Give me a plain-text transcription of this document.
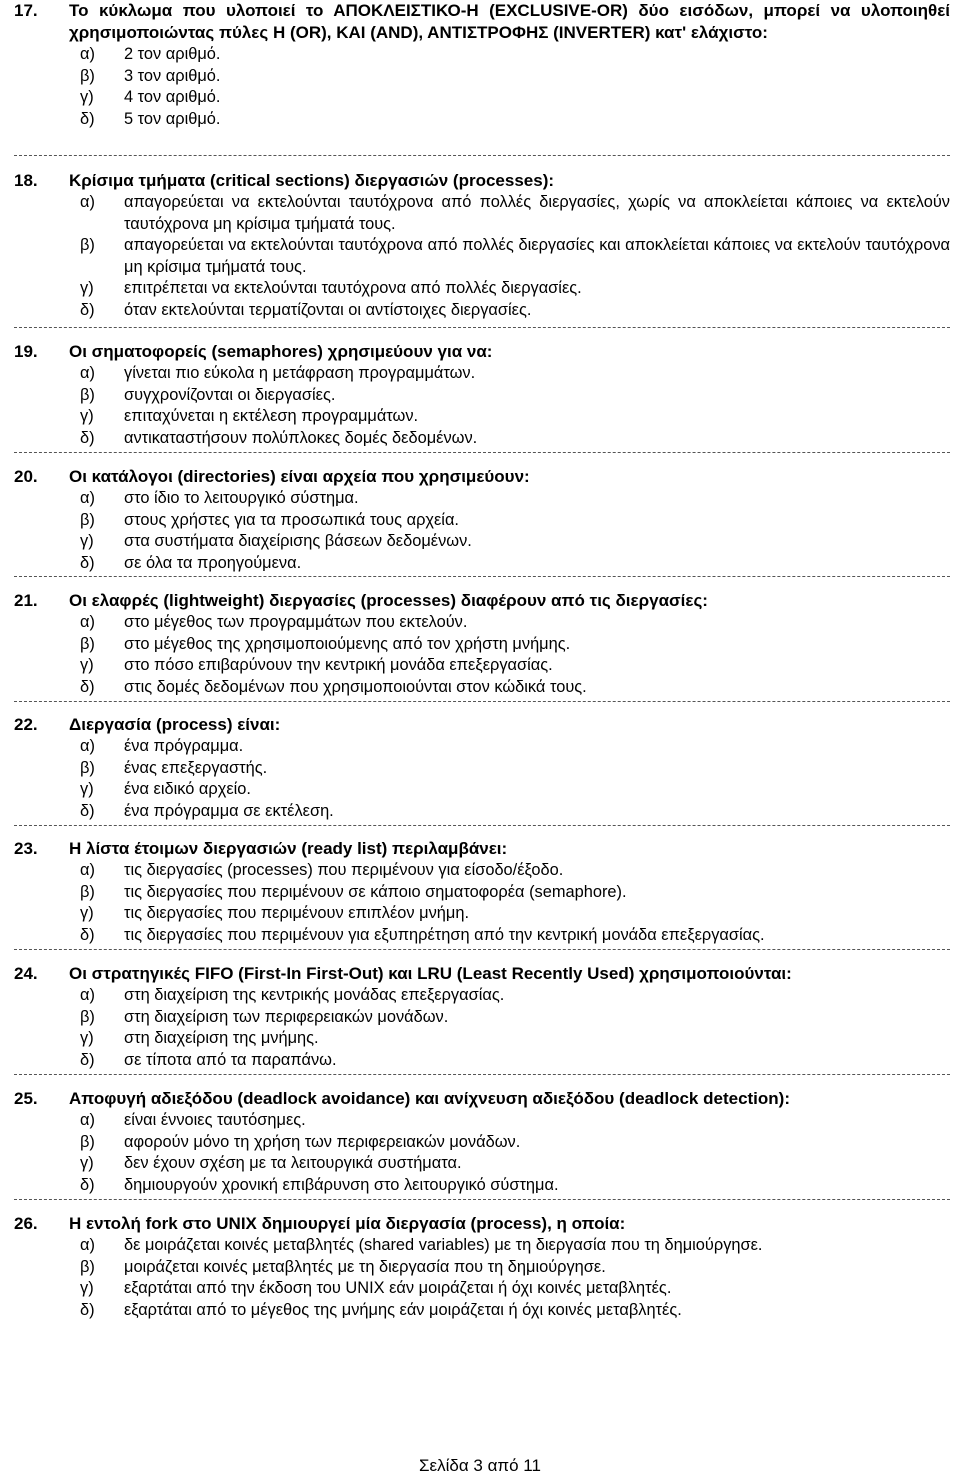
17.	Το κύκλωμα που υλοποιεί το ΑΠΟΚΛΕΙΣΤΙΚΟ-Η (EXCLUSIVE-OR) δύο εισόδων, μπορεί να υλοποιηθεί χρησιμοποιώντας πύλες Η (OR), ΚΑΙ (AND), ΑΝΤΙΣΤΡΟΦΗΣ (INVERTER) κατ' ελάχιστο:
α) 2 τον αριθμό.
β) 3 τον αριθμό.
γ) 4 τον αριθμό.
δ) 5 τον αριθμό.
18.	Κρίσιμα τμήματα (critical sections) διεργασιών (processes):
α) απαγορεύεται να εκτελούνται ταυτόχρονα από πολλές διεργασίες, χωρίς να αποκλείεται κάποιες να εκτελούν ταυτόχρονα μη κρίσιμα τμήματά τους.
β) απαγορεύεται να εκτελούνται ταυτόχρονα από πολλές διεργασίες και αποκλείεται κάποιες να εκτελούν ταυτόχρονα μη κρίσιμα τμήματά τους.
γ) επιτρέπεται να εκτελούνται ταυτόχρονα από πολλές διεργασίες.
δ) όταν εκτελούνται τερματίζονται οι αντίστοιχες διεργασίες.
19.	Οι σηματοφορείς (semaphores) χρησιμεύουν για να:
α) γίνεται πιο εύκολα η μετάφραση προγραμμάτων.
β) συγχρονίζονται οι διεργασίες.
γ) επιταχύνεται η εκτέλεση προγραμμάτων.
δ) αντικαταστήσουν πολύπλοκες δομές δεδομένων.
20.	Οι κατάλογοι (directories) είναι αρχεία που χρησιμεύουν:
α) στο ίδιο το λειτουργικό σύστημα.
β) στους χρήστες για τα προσωπικά τους αρχεία.
γ) στα συστήματα διαχείρισης βάσεων δεδομένων.
δ) σε όλα τα προηγούμενα.
21.	Οι ελαφρές (lightweight) διεργασίες (processes) διαφέρουν από τις διεργασίες:
α) στο μέγεθος των προγραμμάτων που εκτελούν.
β) στο μέγεθος της χρησιμοποιούμενης από τον χρήστη μνήμης.
γ) στο πόσο επιβαρύνουν την κεντρική μονάδα επεξεργασίας.
δ) στις δομές δεδομένων που χρησιμοποιούνται στον κώδικά τους.
22.	Διεργασία (process) είναι:
α) ένα πρόγραμμα.
β) ένας επεξεργαστής.
γ) ένα ειδικό αρχείο.
δ) ένα πρόγραμμα σε εκτέλεση.
23.	Η λίστα έτοιμων διεργασιών (ready list) περιλαμβάνει:
α) τις διεργασίες (processes) που περιμένουν για είσοδο/έξοδο.
β) τις διεργασίες που περιμένουν σε κάποιο σηματοφορέα (semaphore).
γ) τις διεργασίες που περιμένουν επιπλέον μνήμη.
δ) τις διεργασίες που περιμένουν για εξυπηρέτηση από την κεντρική μονάδα επεξεργασίας.
24.	Οι στρατηγικές FIFO (First-In First-Out) και LRU (Least Recently Used) χρησιμοποιούνται:
α) στη διαχείριση της κεντρικής μονάδας επεξεργασίας.
β) στη διαχείριση των περιφερειακών μονάδων.
γ) στη διαχείριση της μνήμης.
δ) σε τίποτα από τα παραπάνω.
25.	Αποφυγή αδιεξόδου (deadlock avoidance) και ανίχνευση αδιεξόδου (deadlock detection):
α) είναι έννοιες ταυτόσημες.
β) αφορούν μόνο τη χρήση των περιφερειακών μονάδων.
γ) δεν έχουν σχέση με τα λειτουργικά συστήματα.
δ) δημιουργούν χρονική επιβάρυνση στο λειτουργικό σύστημα.
26.	Η εντολή fork στο UNIX δημιουργεί μία διεργασία (process), η οποία:
α) δε μοιράζεται κοινές μεταβλητές (shared variables) με τη διεργασία που τη δημιούργησε.
β) μοιράζεται κοινές μεταβλητές με τη διεργασία που τη δημιούργησε.
γ) εξαρτάται από την έκδοση του UNIX εάν μοιράζεται ή όχι κοινές μεταβλητές.
δ) εξαρτάται από το μέγεθος της μνήμης εάν μοιράζεται ή όχι κοινές μεταβλητές.
Σελίδα 3 από 11
